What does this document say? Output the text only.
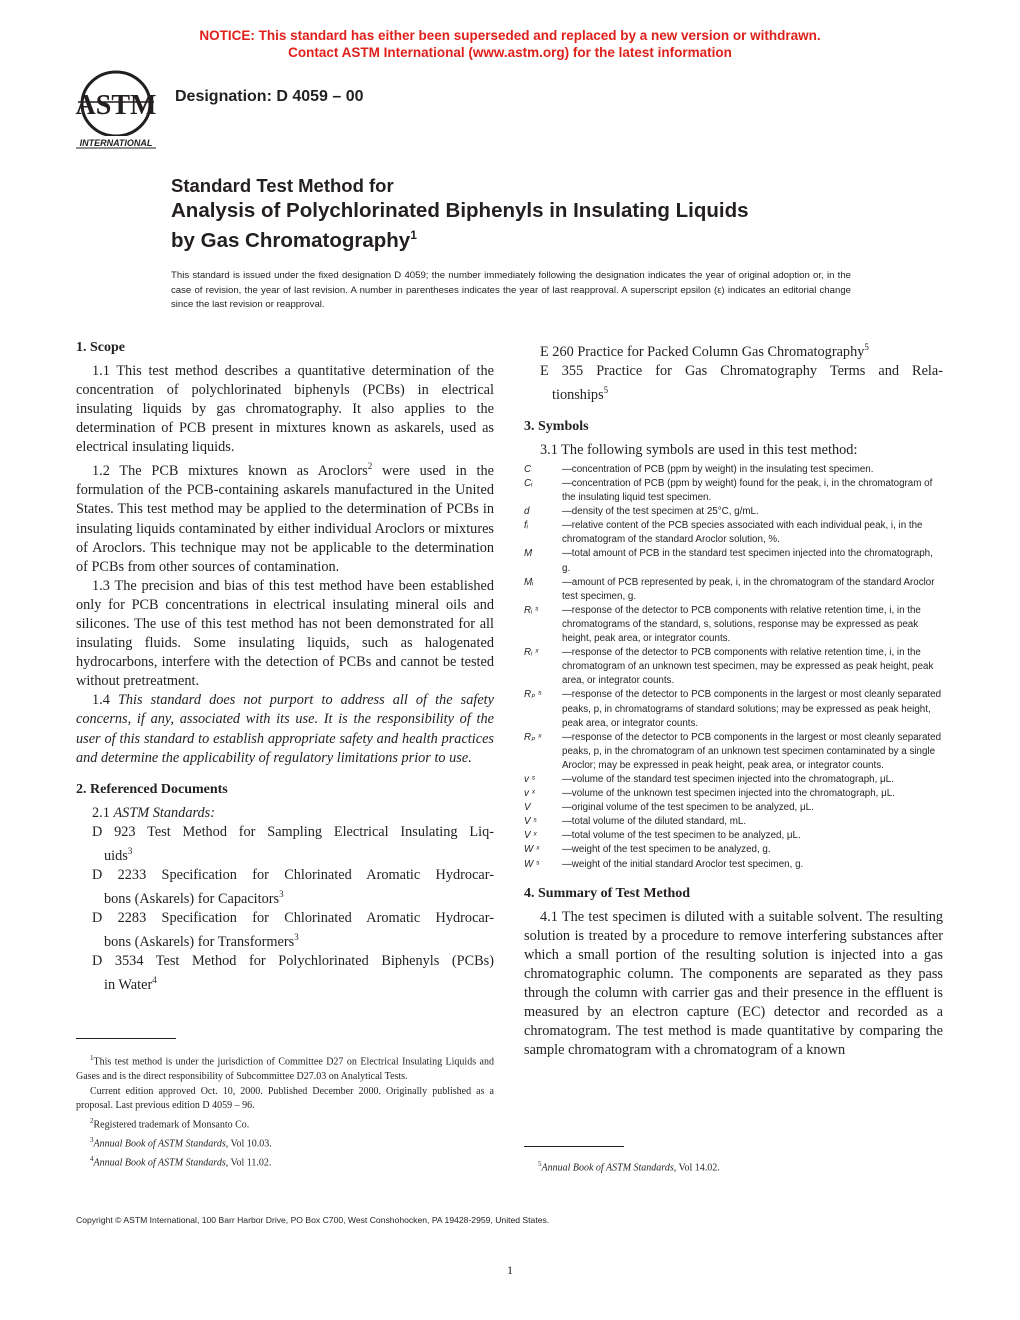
NOTICE: This standard has either been superseded and replaced by a new version or withdrawn.
Contact ASTM International (www.astm.org) for the latest information
ASTM
INTERNATIONAL
Designation: D 4059 – 00
Standard Test Method for
Analysis of Polychlorinated Biphenyls in Insulating Liquids
by Gas Chromatography$^1$
This standard is issued under the fixed designation D 4059; the number immediately following the designation indicates the year of original adoption or, in the case of revision, the year of last revision. A number in parentheses indicates the year of last reapproval. A superscript epsilon (ε) indicates an editorial change since the last revision or reapproval.
1. Scope
1.1 This test method describes a quantitative determination of the concentration of polychlorinated biphenyls (PCBs) in electrical insulating liquids by gas chromatography. It also applies to the determination of PCB present in mixtures known as askarels, used as electrical insulating liquids.
1.2 The PCB mixtures known as Aroclors$^2$ were used in the formulation of the PCB-containing askarels manufactured in the United States. This test method may be applied to the determination of PCBs in insulating liquids contaminated by either individual Aroclors or mixtures of Aroclors. This technique may not be applicable to the determination of PCBs from other sources of contamination.
1.3 The precision and bias of this test method have been established only for PCB concentrations in electrical insulating mineral oils and silicones. The use of this test method has not been demonstrated for all insulating fluids. Some insulating liquids, such as halogenated hydrocarbons, interfere with the detection of PCBs and cannot be tested without pretreatment.
1.4 This standard does not purport to address all of the safety concerns, if any, associated with its use. It is the responsibility of the user of this standard to establish appropriate safety and health practices and determine the applicability of regulatory limitations prior to use.
2. Referenced Documents
2.1 ASTM Standards:
D 923 Test Method for Sampling Electrical Insulating Liq-
uids$^3$
D 2233 Specification for Chlorinated Aromatic Hydrocar-
bons (Askarels) for Capacitors$^3$
D 2283 Specification for Chlorinated Aromatic Hydrocar-
bons (Askarels) for Transformers$^3$
D 3534 Test Method for Polychlorinated Biphenyls (PCBs)
in Water$^4$
$^1$This test method is under the jurisdiction of Committee D27 on Electrical Insulating Liquids and Gases and is the direct responsibility of Subcommittee D27.03 on Analytical Tests.
Current edition approved Oct. 10, 2000. Published December 2000. Originally published as a proposal. Last previous edition D 4059 – 96.
$^2$Registered trademark of Monsanto Co.
$^3$Annual Book of ASTM Standards, Vol 10.03.
$^4$Annual Book of ASTM Standards, Vol 11.02.
E 260 Practice for Packed Column Gas Chromatography$^5$
E 355 Practice for Gas Chromatography Terms and Rela-
tionships$^5$
3. Symbols
3.1 The following symbols are used in this test method:
C	—concentration of PCB (ppm by weight) in the insulating test specimen.
Cᵢ	—concentration of PCB (ppm by weight) found for the peak, i, in the chromatogram of the insulating liquid test specimen.
d	—density of the test specimen at 25°C, g/mL.
fᵢ	—relative content of the PCB species associated with each individual peak, i, in the chromatogram of the standard Aroclor solution, %.
M	—total amount of PCB in the standard test specimen injected into the chromatograph, g.
Mᵢ	—amount of PCB represented by peak, i, in the chromatogram of the standard Aroclor test specimen, g.
Rᵢ ˢ	—response of the detector to PCB components with relative retention time, i, in the chromatograms of the standard, s, solutions, response may be expressed as peak height, peak area, or integrator counts.
Rᵢ ˣ	—response of the detector to PCB components with relative retention time, i, in the chromatogram of an unknown test specimen, may be expressed as peak height, peak area, or integrator counts.
Rₚ ˢ	—response of the detector to PCB components in the largest or most cleanly separated peaks, p, in chromatograms of standard solutions; may be expressed as peak height, peak area, or integrator counts.
Rₚ ˣ	—response of the detector to PCB components in the largest or most cleanly separated peaks, p, in the chromatogram of an unknown test specimen contaminated by a single Aroclor; may be expressed in peak height, peak area, or integrator counts.
v ˢ	—volume of the standard test specimen injected into the chromatograph, μL.
v ˣ	—volume of the unknown test specimen injected into the chromatograph, μL.
V	—original volume of the test specimen to be analyzed, μL.
V ˢ	—total volume of the diluted standard, mL.
V ˣ	—total volume of the test specimen to be analyzed, μL.
W ˣ	—weight of the test specimen to be analyzed, g.
W ˢ	—weight of the initial standard Aroclor test specimen, g.
4. Summary of Test Method
4.1 The test specimen is diluted with a suitable solvent. The resulting solution is treated by a procedure to remove interfering substances after which a small portion of the resulting solution is injected into a gas chromatographic column. The components are separated as they pass through the column with carrier gas and their presence in the effluent is measured by an electron capture (EC) detector and recorded as a chromatogram. The test method is made quantitative by comparing the sample chromatogram with a chromatogram of a known
$^5$Annual Book of ASTM Standards, Vol 14.02.
Copyright © ASTM International, 100 Barr Harbor Drive, PO Box C700, West Conshohocken, PA 19428-2959, United States.
1
